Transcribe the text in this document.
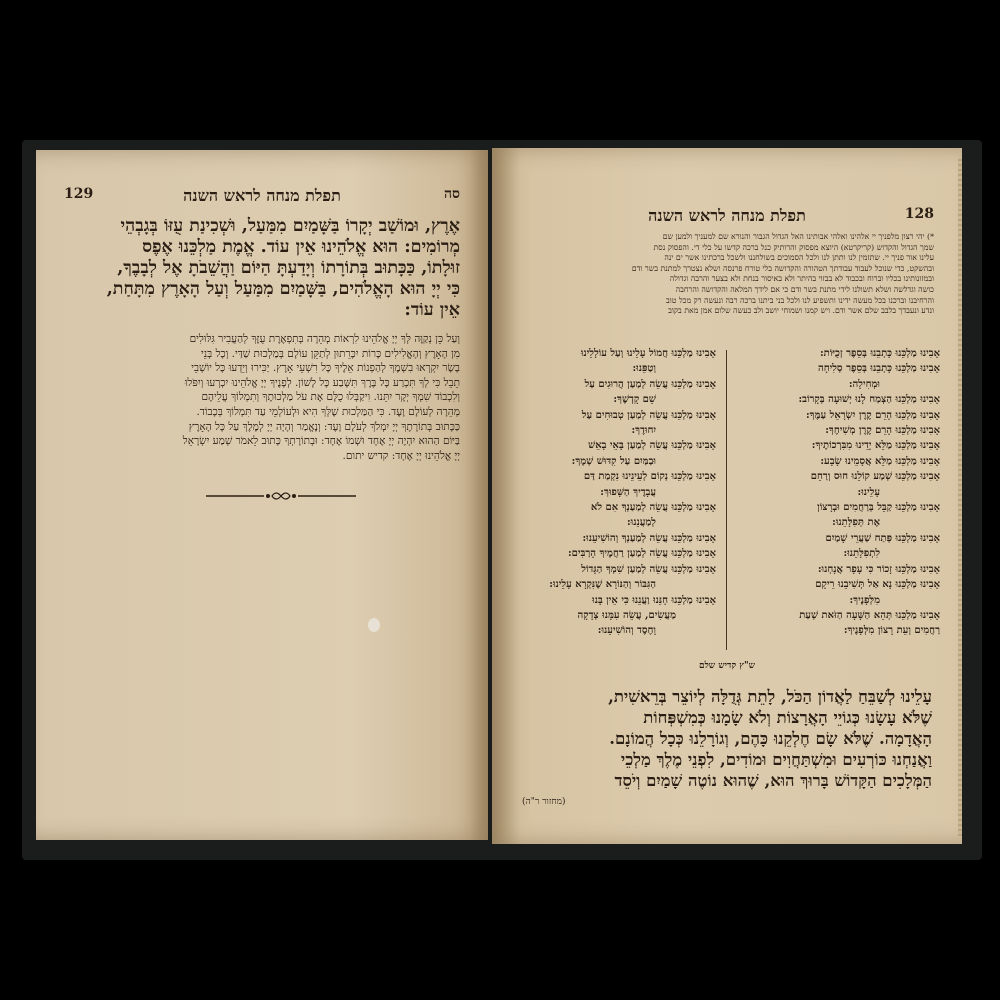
129	תפלת מנחה לראש השנה	סה
אֶרֶץ, וּמוֹשַׁב יְקָרוֹ בַּשָּׁמַיִם מִמַּעַל, וּשְׁכִינַת עֻזּוֹ בְּגָבְהֵי
מְרוֹמִים: הוּא אֱלֹהֵינוּ אֵין עוֹד. אֱמֶת מַלְכֵּנוּ אֶפֶס
זוּלָתוֹ, כַּכָּתוּב בְּתוֹרָתוֹ וְיָדַעְתָּ הַיּוֹם וַהֲשֵׁבֹתָ אֶל לְבָבֶךָ,
כִּי יְיָ הוּא הָאֱלֹהִים, בַּשָּׁמַיִם מִמַּעַל וְעַל הָאָרֶץ מִתָּחַת,
אֵין עוֹד:
וְעַל כֵּן נְקַוֶּה לְּךָ יְיָ אֱלֹהֵינוּ לִרְאוֹת מְהֵרָה בְּתִפְאֶרֶת עֻזֶּךָ לְהַעֲבִיר גִּלּוּלִים
מִן הָאָרֶץ וְהָאֱלִילִים כָּרוֹת יִכָּרֵתוּן לְתַקֵּן עוֹלָם בְּמַלְכוּת שַׁדַּי. וְכָל בְּנֵי
בָשָׂר יִקְרְאוּ בִשְׁמֶךָ לְהַפְנוֹת אֵלֶיךָ כָּל רִשְׁעֵי אָרֶץ. יַכִּירוּ וְיֵדְעוּ כָּל יוֹשְׁבֵי
תֵבֵל כִּי לְךָ תִּכְרַע כָּל בֶּרֶךְ תִּשָּׁבַע כָּל לָשׁוֹן. לְפָנֶיךָ יְיָ אֱלֹהֵינוּ יִכְרְעוּ וְיִפֹּלוּ
וְלִכְבוֹד שִׁמְךָ יְקָר יִתֵּנוּ. וִיקַבְּלוּ כֻלָּם אֶת עֹל מַלְכוּתֶךָ וְתִמְלוֹךְ עֲלֵיהֶם
מְהֵרָה לְעוֹלָם וָעֶד. כִּי הַמַּלְכוּת שֶׁלְּךָ הִיא וּלְעוֹלְמֵי עַד תִּמְלוֹךְ בְּכָבוֹד.
כַּכָּתוּב בְּתוֹרָתֶךָ יְיָ יִמְלֹךְ לְעֹלָם וָעֶד: וְנֶאֱמַר וְהָיָה יְיָ לְמֶלֶךְ עַל כָּל הָאָרֶץ
בַּיּוֹם הַהוּא יִהְיֶה יְיָ אֶחָד וּשְׁמוֹ אֶחָד: וּבְתוֹרָתְךָ כָּתוּב לֵאמֹר שְׁמַע יִשְׂרָאֵל
יְיָ אֱלֹהֵינוּ יְיָ אֶחָד: קדיש יתום.
128
תפלת מנחה לראש השנה
*) יהי רצון מלפניך יי אלהינו ואלהי אבותינו האל הגדול הגבור והנורא שם למעניך ולמען שם
שמך הגדול והקדוש (קריקרטא) היוצא מפסוק והרותיק כנל ברכה קדשו על כלי די. והפסוק נסת
עלינו אור פניך יי. שתזמין לנו ותתן לנו ולכל הסמוכים בשולחננו ולשכל ברכתינו אשר ים ינה
ובהשקט, כדי שנוכל לעבוד עבודתך הטהורה והקדושה בלי טורח פרנסה ושלא נצטרך למתנת בשר ודם
ובמזונותינו בכליו וברוח ובכבוד לא בבזוי בהיתר ולא באיסור בנחת ולא בצער והרבה וגדולה
כושה וגדלשה ושלא תשולנו לידי מתנת בשר ודם כי אם לידך המלאה והקדושה והרחבה
והרחיבנו וברכנו בכל מעשה ידינו ותשפיע לנו ולכל בני ביתנו ברכה רבה ונעשה רק מכל טוב
ונדע ונעבדך בלבב שלם אשר ודם. ויש קמנו ושמוחי יושב ולב כעשה שלום אמן מאת בקוב
אָבִינוּ מַלְכֵּנוּ כָּתְבֵנוּ בְּסֵפֶר זְכֻיּוֹת:
אָבִינוּ מַלְכֵּנוּ כָּתְבֵנוּ בְּסֵפֶר סְלִיחָה
וּמְחִילָה:
אָבִינוּ מַלְכֵּנוּ הַצְמַח לָנוּ יְשׁוּעָה בְּקָרוֹב:
אָבִינוּ מַלְכֵּנוּ הָרֵם קֶרֶן יִשְׂרָאֵל עַמֶּךָ:
אָבִינוּ מַלְכֵּנוּ הָרֵם קֶרֶן מְשִׁיחֶךָ:
אָבִינוּ מַלְכֵּנוּ מַלֵּא יָדֵינוּ מִבִּרְכוֹתֶיךָ:
אָבִינוּ מַלְכֵּנוּ מַלֵּא אֲסָמֵינוּ שָׂבָע:
אָבִינוּ מַלְכֵּנוּ שְׁמַע קוֹלֵנוּ חוּס וְרַחֵם
עָלֵינוּ:
אָבִינוּ מַלְכֵּנוּ קַבֵּל בְּרַחֲמִים וּבְרָצוֹן
אֶת תְּפִלָּתֵנוּ:
אָבִינוּ מַלְכֵּנוּ פְּתַח שַׁעֲרֵי שָׁמַיִם
לִתְפִלָּתֵנוּ:
אָבִינוּ מַלְכֵּנוּ זָכוֹר כִּי עָפָר אֲנָחְנוּ:
אָבִינוּ מַלְכֵּנוּ נָא אַל תְּשִׁיבֵנוּ רֵיקָם
מִלְּפָנֶיךָ:
אָבִינוּ מַלְכֵּנוּ תְּהֵא הַשָּׁעָה הַזֹּאת שְׁעַת
רַחֲמִים וְעֵת רָצוֹן מִלְּפָנֶיךָ:
אָבִינוּ מַלְכֵּנוּ חֲמוֹל עָלֵינוּ וְעַל עוֹלָלֵינוּ
וְטַפֵּנוּ:
אָבִינוּ מַלְכֵּנוּ עֲשֵׂה לְמַעַן הֲרוּגִים עַל
שֵׁם קָדְשֶׁךָ:
אָבִינוּ מַלְכֵּנוּ עֲשֵׂה לְמַעַן טְבוּחִים עַל
יִחוּדֶךָ:
אָבִינוּ מַלְכֵּנוּ עֲשֵׂה לְמַעַן בָּאֵי בָאֵשׁ
וּבַמַּיִם עַל קִדּוּשׁ שְׁמֶךָ:
אָבִינוּ מַלְכֵּנוּ נְקוֹם לְעֵינֵינוּ נִקְמַת דַּם
עֲבָדֶיךָ הַשָּׁפוּךְ:
אָבִינוּ מַלְכֵּנוּ עֲשֵׂה לְמַעַנְךָ אִם לֹא
לְמַעֲנֵנוּ:
אָבִינוּ מַלְכֵּנוּ עֲשֵׂה לְמַעַנְךָ וְהוֹשִׁיעֵנוּ:
אָבִינוּ מַלְכֵּנוּ עֲשֵׂה לְמַעַן רַחֲמֶיךָ הָרַבִּים:
אָבִינוּ מַלְכֵּנוּ עֲשֵׂה לְמַעַן שִׁמְךָ הַגָּדוֹל
הַגִּבּוֹר וְהַנּוֹרָא שֶׁנִּקְרָא עָלֵינוּ:
אָבִינוּ מַלְכֵּנוּ חָנֵּנוּ וַעֲנֵנוּ כִּי אֵין בָּנוּ
מַעֲשִׂים, עֲשֵׂה עִמָּנוּ צְדָקָה
וָחֶסֶד וְהוֹשִׁיעֵנוּ:
ש"ץ קדיש שלם
עָלֵינוּ לְשַׁבֵּחַ לַאֲדוֹן הַכֹּל, לָתֵת גְּדֻלָּה לְיוֹצֵר בְּרֵאשִׁית,
שֶׁלֹּא עָשָׂנוּ כְּגוֹיֵי הָאֲרָצוֹת וְלֹא שָׂמָנוּ כְּמִשְׁפְּחוֹת
הָאֲדָמָה. שֶׁלֹּא שָׂם חֶלְקֵנוּ כָּהֶם, וְגוֹרָלֵנוּ כְּכָל הֲמוֹנָם.
וַאֲנַחְנוּ כּוֹרְעִים וּמִשְׁתַּחֲוִים וּמוֹדִים, לִפְנֵי מֶלֶךְ מַלְכֵי
הַמְּלָכִים הַקָּדוֹשׁ בָּרוּךְ הוּא, שֶׁהוּא נוֹטֶה שָׁמַיִם וְיֹסֵד
(מחזור ר"ה)
